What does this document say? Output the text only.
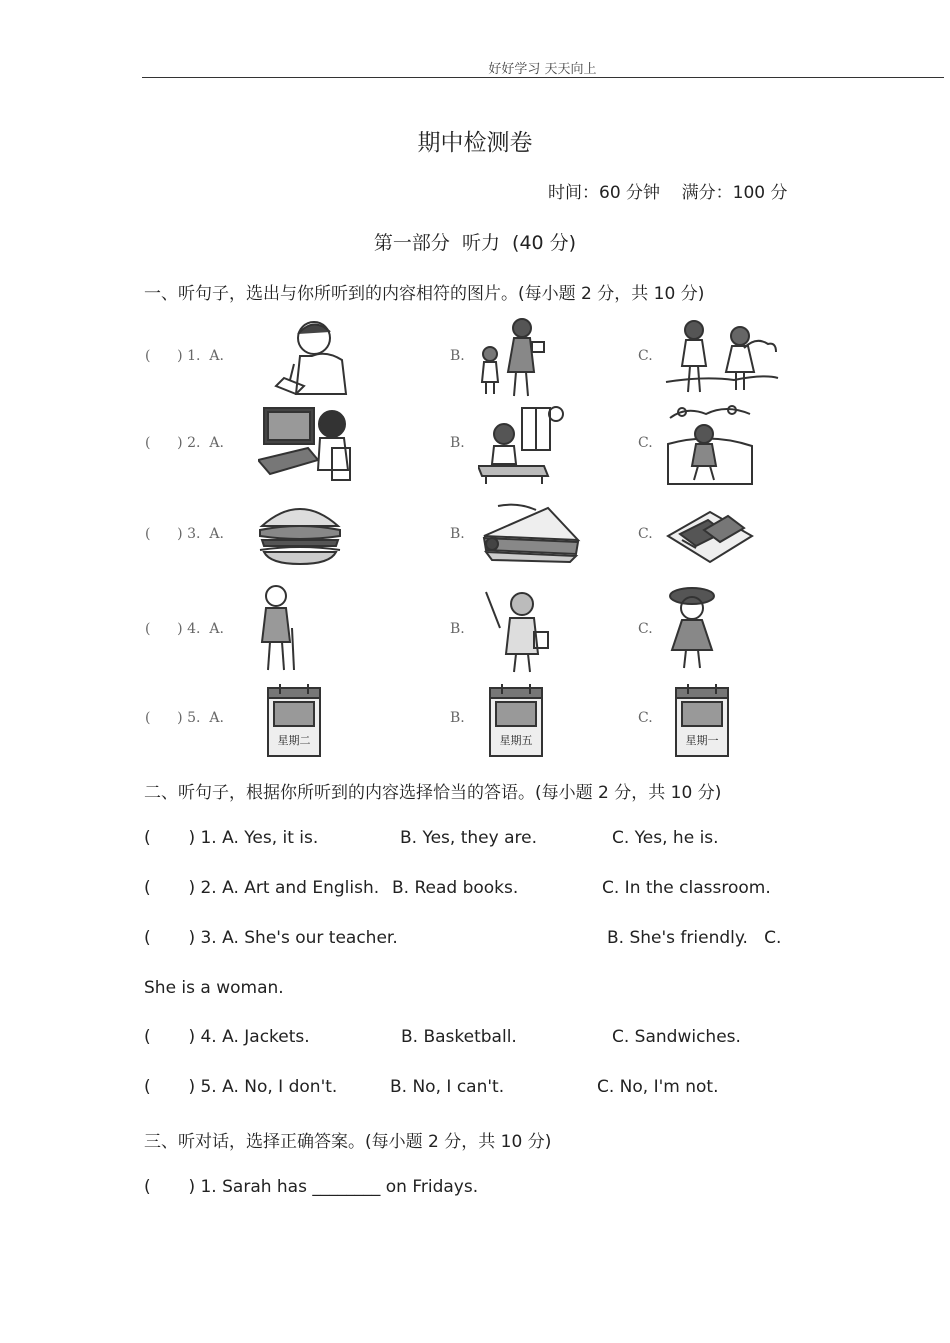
好好学习 天天向上
期中检测卷
时间：60 分钟 满分：100 分
第一部分  听力  (40 分)
一、听句子，选出与你所听到的内容相符的图片。(每小题 2 分，共 10 分)
(      ) 1.  A.	B.	C.
(      ) 2.  A.	B.	C.
(      ) 3.  A.	B.	C.
(      ) 4.  A.	B.	C.
(      ) 5.  A.	B.	C.
星期二	星期五	星期一
二、听句子，根据你所听到的内容选择恰当的答语。(每小题 2 分，共 10 分)
(       ) 1. A. Yes, it is.	B. Yes, they are.	C. Yes, he is.
(       ) 2. A. Art and English. B. Read books.	C. In the classroom.
(       ) 3. A. She's our teacher.	B. She's friendly.   C.
She is a woman.
(       ) 4. A. Jackets.	B. Basketball.	C. Sandwiches.
(       ) 5. A. No, I don't.	B. No, I can't.	C. No, I'm not.
三、听对话，选择正确答案。(每小题 2 分，共 10 分)
(       ) 1. Sarah has ________ on Fridays.
